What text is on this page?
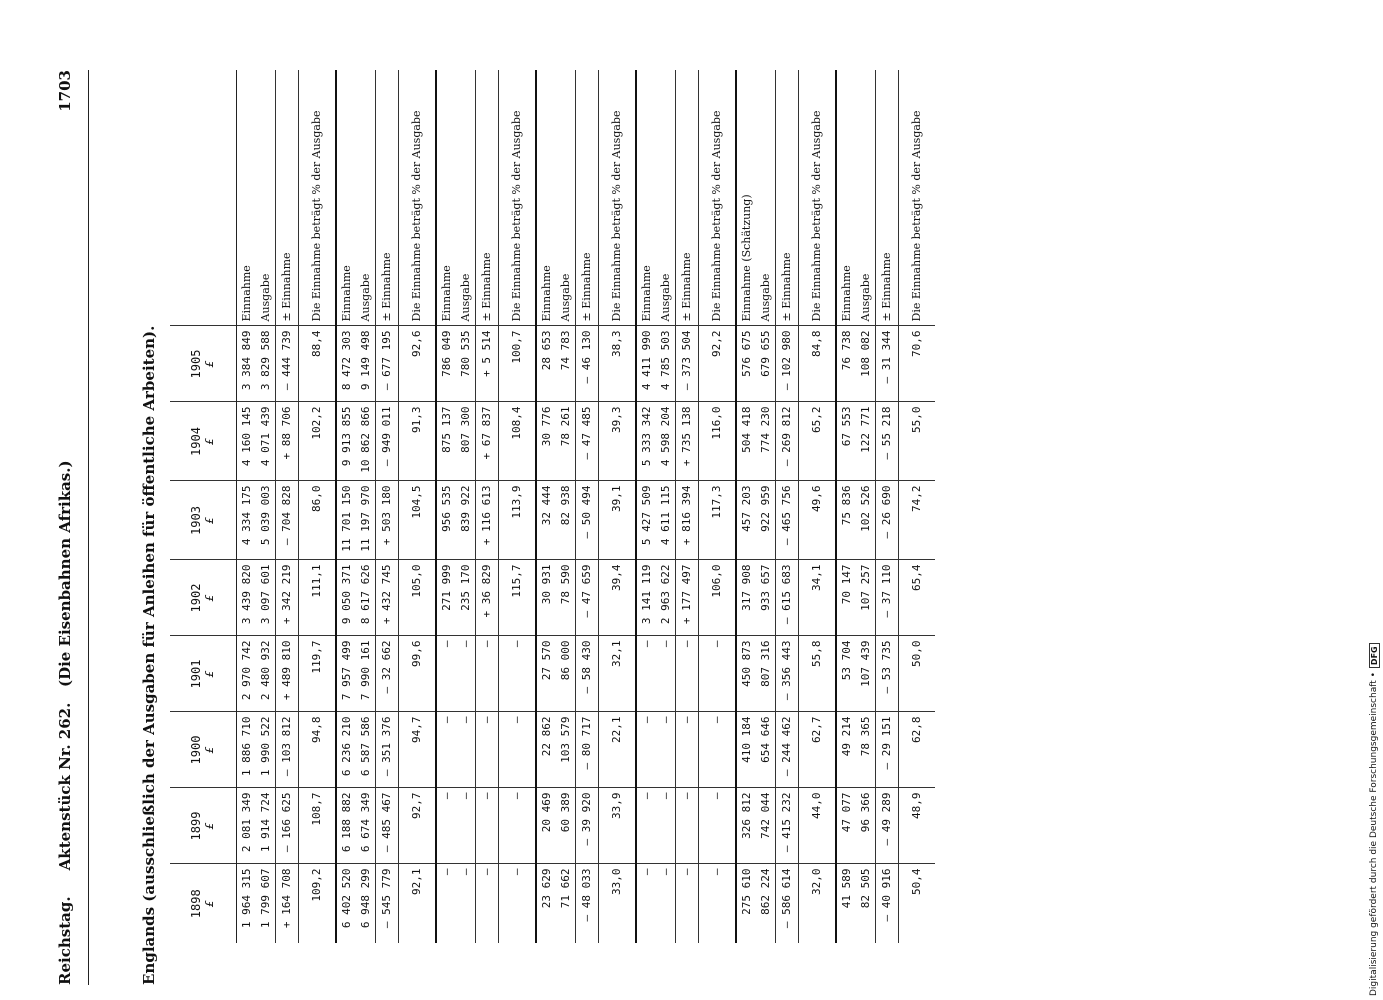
Digitalisierung gefördert durch die Deutsche Forschungsgemeinschaft •
DFG
Reichstag.     Aktenstück Nr. 262.   (Die Eisenbahnen Afrikas.)
1703
Englands (ausschließlich der Ausgaben für Anleihen für öffentliche Arbeiten).	1898 £	1899 £	1900 £	1901 £	1902 £	1903 £	1904 £	1905 £	

1 964 315	2 081 349	1 886 710	2 970 742	3 439 820	4 334 175	4 160 145	3 384 849	Einnahme
1 799 607	1 914 724	1 990 522	2 480 932	3 097 601	5 039 003	4 071 439	3 829 588	Ausgabe
+ 164 708	— 166 625	— 103 812	+ 489 810	+ 342 219	— 704 828	+ 88 706	— 444 739	± Einnahme
109,2	108,7	94,8	119,7	111,1	86,0	102,2	88,4	Die Einnahme beträgt % der Ausgabe
6 402 520	6 188 882	6 236 210	7 957 499	9 050 371	11 701 150	9 913 855	8 472 303	Einnahme
6 948 299	6 674 349	6 587 586	7 990 161	8 617 626	11 197 970	10 862 866	9 149 498	Ausgabe
— 545 779	— 485 467	— 351 376	— 32 662	+ 432 745	+ 503 180	— 949 011	— 677 195	± Einnahme
92,1	92,7	94,7	99,6	105,0	104,5	91,3	92,6	Die Einnahme beträgt % der Ausgabe
—	—	—	—	271 999	956 535	875 137	786 049	Einnahme
—	—	—	—	235 170	839 922	807 300	780 535	Ausgabe
—	—	—	—	+ 36 829	+ 116 613	+ 67 837	+ 5 514	± Einnahme
—	—	—	—	115,7	113,9	108,4	100,7	Die Einnahme beträgt % der Ausgabe
23 629	20 469	22 862	27 570	30 931	32 444	30 776	28 653	Einnahme
71 662	60 389	103 579	86 000	78 590	82 938	78 261	74 783	Ausgabe
— 48 033	— 39 920	— 80 717	— 58 430	— 47 659	— 50 494	— 47 485	— 46 130	± Einnahme
33,0	33,9	22,1	32,1	39,4	39,1	39,3	38,3	Die Einnahme beträgt % der Ausgabe
—	—	—	—	3 141 119	5 427 509	5 333 342	4 411 990	Einnahme
—	—	—	—	2 963 622	4 611 115	4 598 204	4 785 503	Ausgabe
—	—	—	—	+ 177 497	+ 816 394	+ 735 138	— 373 504	± Einnahme
—	—	—	—	106,0	117,3	116,0	92,2	Die Einnahme beträgt % der Ausgabe
275 610	326 812	410 184	450 873	317 908	457 203	504 418	576 675	Einnahme (Schätzung)
862 224	742 044	654 646	807 316	933 657	922 959	774 230	679 655	Ausgabe
— 586 614	— 415 232	— 244 462	— 356 443	— 615 683	— 465 756	— 269 812	— 102 980	± Einnahme
32,0	44,0	62,7	55,8	34,1	49,6	65,2	84,8	Die Einnahme beträgt % der Ausgabe
41 589	47 077	49 214	53 704	70 147	75 836	67 553	76 738	Einnahme
82 505	96 366	78 365	107 439	107 257	102 526	122 771	108 082	Ausgabe
— 40 916	— 49 289	— 29 151	— 53 735	— 37 110	— 26 690	— 55 218	— 31 344	± Einnahme
50,4	48,9	62,8	50,0	65,4	74,2	55,0	70,6	Die Einnahme beträgt % der Ausgabe
